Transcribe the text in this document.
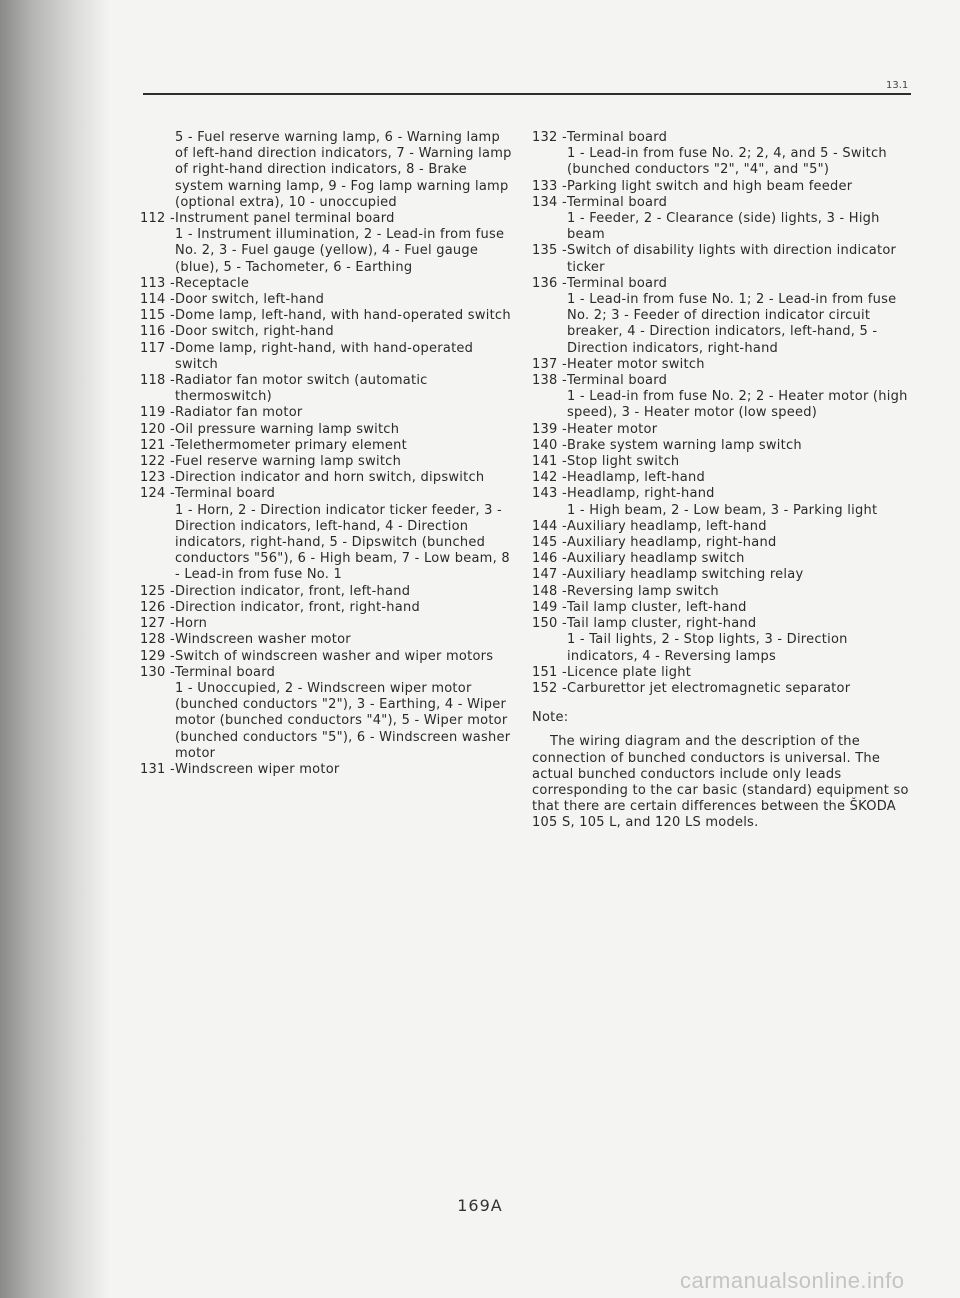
13.1
5 - Fuel reserve warning lamp, 6 - Warning lamp of left-hand direction indicators, 7 - Warning lamp of right-hand direction indicators, 8 - Brake system warning lamp, 9 - Fog lamp warning lamp (optional extra), 10 - unoccupied
112 - Instrument panel terminal board
1 - Instrument illumination, 2 - Lead-in from fuse No. 2, 3 - Fuel gauge (yellow), 4 - Fuel gauge (blue), 5 - Tachometer, 6 - Earthing
113 - Receptacle
114 - Door switch, left-hand
115 - Dome lamp, left-hand, with hand-operated switch
116 - Door switch, right-hand
117 - Dome lamp, right-hand, with hand-operated switch
118 - Radiator fan motor switch (automatic thermoswitch)
119 - Radiator fan motor
120 - Oil pressure warning lamp switch
121 - Telethermometer primary element
122 - Fuel reserve warning lamp switch
123 - Direction indicator and horn switch, dipswitch
124 - Terminal board
1 - Horn, 2 - Direction indicator ticker feeder, 3 - Direction indicators, left-hand, 4 - Direction indicators, right-hand, 5 - Dipswitch (bunched conductors "56"), 6 - High beam, 7 - Low beam, 8 - Lead-in from fuse No. 1
125 - Direction indicator, front, left-hand
126 - Direction indicator, front, right-hand
127 - Horn
128 - Windscreen washer motor
129 - Switch of windscreen washer and wiper motors
130 - Terminal board
1 - Unoccupied, 2 - Windscreen wiper motor (bunched conductors "2"), 3 - Earthing, 4 - Wiper motor (bunched conductors "4"), 5 - Wiper motor (bunched conductors "5"), 6 - Windscreen washer motor
131 - Windscreen wiper motor
132 - Terminal board
1 - Lead-in from fuse No. 2; 2, 4, and 5 - Switch (bunched conductors "2", "4", and "5")
133 - Parking light switch and high beam feeder
134 - Terminal board
1 - Feeder, 2 - Clearance (side) lights, 3 - High beam
135 - Switch of disability lights with direction indicator ticker
136 - Terminal board
1 - Lead-in from fuse No. 1; 2 - Lead-in from fuse No. 2; 3 - Feeder of direction indicator circuit breaker, 4 - Direction indicators, left-hand, 5 - Direction indicators, right-hand
137 - Heater motor switch
138 - Terminal board
1 - Lead-in from fuse No. 2; 2 - Heater motor (high speed), 3 - Heater motor (low speed)
139 - Heater motor
140 - Brake system warning lamp switch
141 - Stop light switch
142 - Headlamp, left-hand
143 - Headlamp, right-hand
1 - High beam, 2 - Low beam, 3 - Parking light
144 - Auxiliary headlamp, left-hand
145 - Auxiliary headlamp, right-hand
146 - Auxiliary headlamp switch
147 - Auxiliary headlamp switching relay
148 - Reversing lamp switch
149 - Tail lamp cluster, left-hand
150 - Tail lamp cluster, right-hand
1 - Tail lights, 2 - Stop lights, 3 - Direction indicators, 4 - Reversing lamps
151 - Licence plate light
152 - Carburettor jet electromagnetic separator
Note:
The wiring diagram and the description of the connection of bunched conductors is universal. The actual bunched conductors include only leads corresponding to the car basic (standard) equipment so that there are certain differences between the ŠKODA 105 S, 105 L, and 120 LS models.
169A
carmanualsonline.info
